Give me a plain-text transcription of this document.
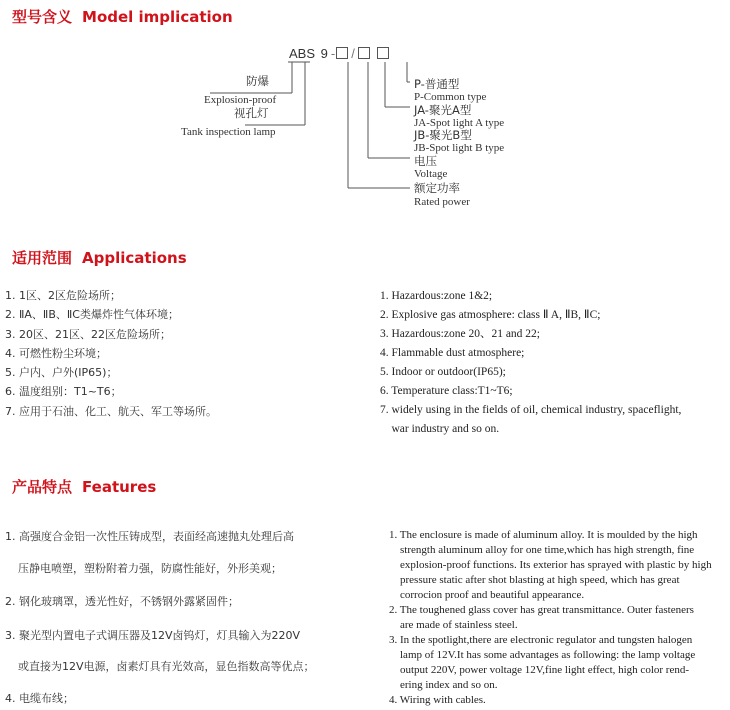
型号含义 Model implication
ABS 9 - /
防爆
Explosion-proof
视孔灯
Tank inspection lamp
P-普通型
P-Common type
JA-聚光A型
JA-Spot light A type
JB-聚光B型
JB-Spot light B type
电压
Voltage
额定功率
Rated power
适用范围 Applications
1. 1区、2区危险场所；
2. ⅡA、ⅡB、ⅡC类爆炸性气体环境；
3. 20区、21区、22区危险场所；
4. 可燃性粉尘环境；
5. 户内、户外(IP65)；
6. 温度组别：T1~T6；
7. 应用于石油、化工、航天、军工等场所。
1. Hazardous:zone 1&2;
2. Explosive gas atmosphere: class Ⅱ A, ⅡB, ⅡC;
3. Hazardous:zone 20、21 and 22;
4. Flammable dust atmosphere;
5. Indoor or outdoor(IP65);
6. Temperature class:T1~T6;
7. widely using in the fields of oil, chemical industry, spaceflight,
war industry and so on.
产品特点 Features
1. 高强度合金铝一次性压铸成型，表面经高速抛丸处理后高
压静电喷塑，塑粉附着力强，防腐性能好，外形美观；
2. 钢化玻璃罩，透光性好，不锈钢外露紧固件；
3. 聚光型内置电子式调压器及12V卤钨灯，灯具输入为220V
或直接为12V电源，卤素灯具有光效高，显色指数高等优点；
4. 电缆布线；
1. The enclosure is made of aluminum alloy. It is moulded by the high
strength aluminum alloy for one time,which has high strength, fine
explosion-proof functions. Its exterior has sprayed with plastic by high
pressure static after shot blasting at high speed, which has great
corrocion proof and beautiful appearance.
2. The toughened glass cover has great transmittance. Outer fasteners
are made of stainless steel.
3. In the spotlight,there are electronic regulator and tungsten halogen
lamp of 12V.It has some advantages as following: the lamp voltage
output 220V, power voltage 12V,fine light effect, high color rend-
ering index and so on.
4. Wiring with cables.
